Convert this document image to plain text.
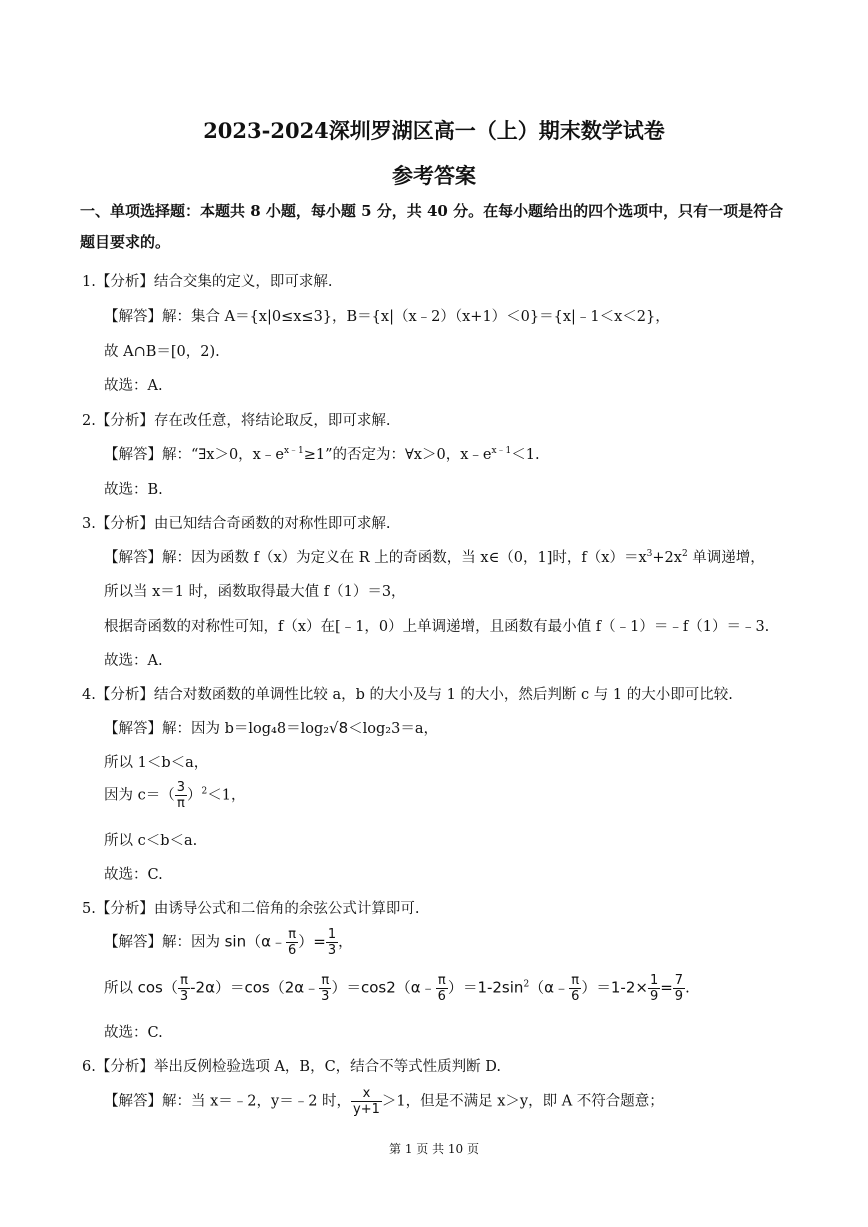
2023-2024深圳罗湖区高一（上）期末数学试卷
参考答案
一、单项选择题：本题共 8 小题，每小题 5 分，共 40 分。在每小题给出的四个选项中，只有一项是符合题目要求的。
1.【分析】结合交集的定义，即可求解.
【解答】解：集合 A＝{x|0≤x≤3}，B＝{x|（x﹣2）（x+1）＜0}＝{x|﹣1＜x＜2}，
故 A∩B＝[0，2).
故选：A.
2.【分析】存在改任意，将结论取反，即可求解.
【解答】解：“∃x＞0，$x﹣e^{x﹣1}\ge 1$”的否定为：∀x＞0，$x﹣e^{x﹣1}<1$.
故选：B.
3.【分析】由已知结合奇函数的对称性即可求解.
【解答】解：因为函数 f（x）为定义在 R 上的奇函数，当 x∈（0，1]时，$f(x)=x^3+2x^2$ 单调递增，
所以当 x＝1 时，函数取得最大值 f（1）＝3，
根据奇函数的对称性可知，f（x）在[﹣1，0）上单调递增，且函数有最小值 f（﹣1）＝﹣f（1）＝﹣3.
故选：A.
4.【分析】结合对数函数的单调性比较 a，b 的大小及与 1 的大小，然后判断 c 与 1 的大小即可比较.
【解答】解：因为 b＝log₄8＝log₂√8＜log₂3＝a，
所以 1＜b＜a，
因为 $c=( \frac{3}{\pi} )^2<1$，
所以 c＜b＜a.
故选：C.
5.【分析】由诱导公式和二倍角的余弦公式计算即可.
【解答】解：因为 sin（α﹣ $\frac{\pi}{6}$ ）= $\frac{1}{3}$ ，
所以 $\cos( \frac{\pi}{3}$ -2α）＝cos（2α﹣ $\frac{\pi}{3}$ ）＝cos2（α﹣ $\frac{\pi}{6}$ ）$=1-2\sin^2(\alpha﹣ \frac{\pi}{6} )=1-2\times \frac{1}{9} = \frac{7}{9}$ .
故选：C.
6.【分析】举出反例检验选项 A，B，C，结合不等式性质判断 D.
【解答】解：当 x＝﹣2，y＝﹣2 时， $\frac{x}{y+1} >1$，但是不满足 x＞y，即 A 不符合题意；
第 1 页 共 10 页
